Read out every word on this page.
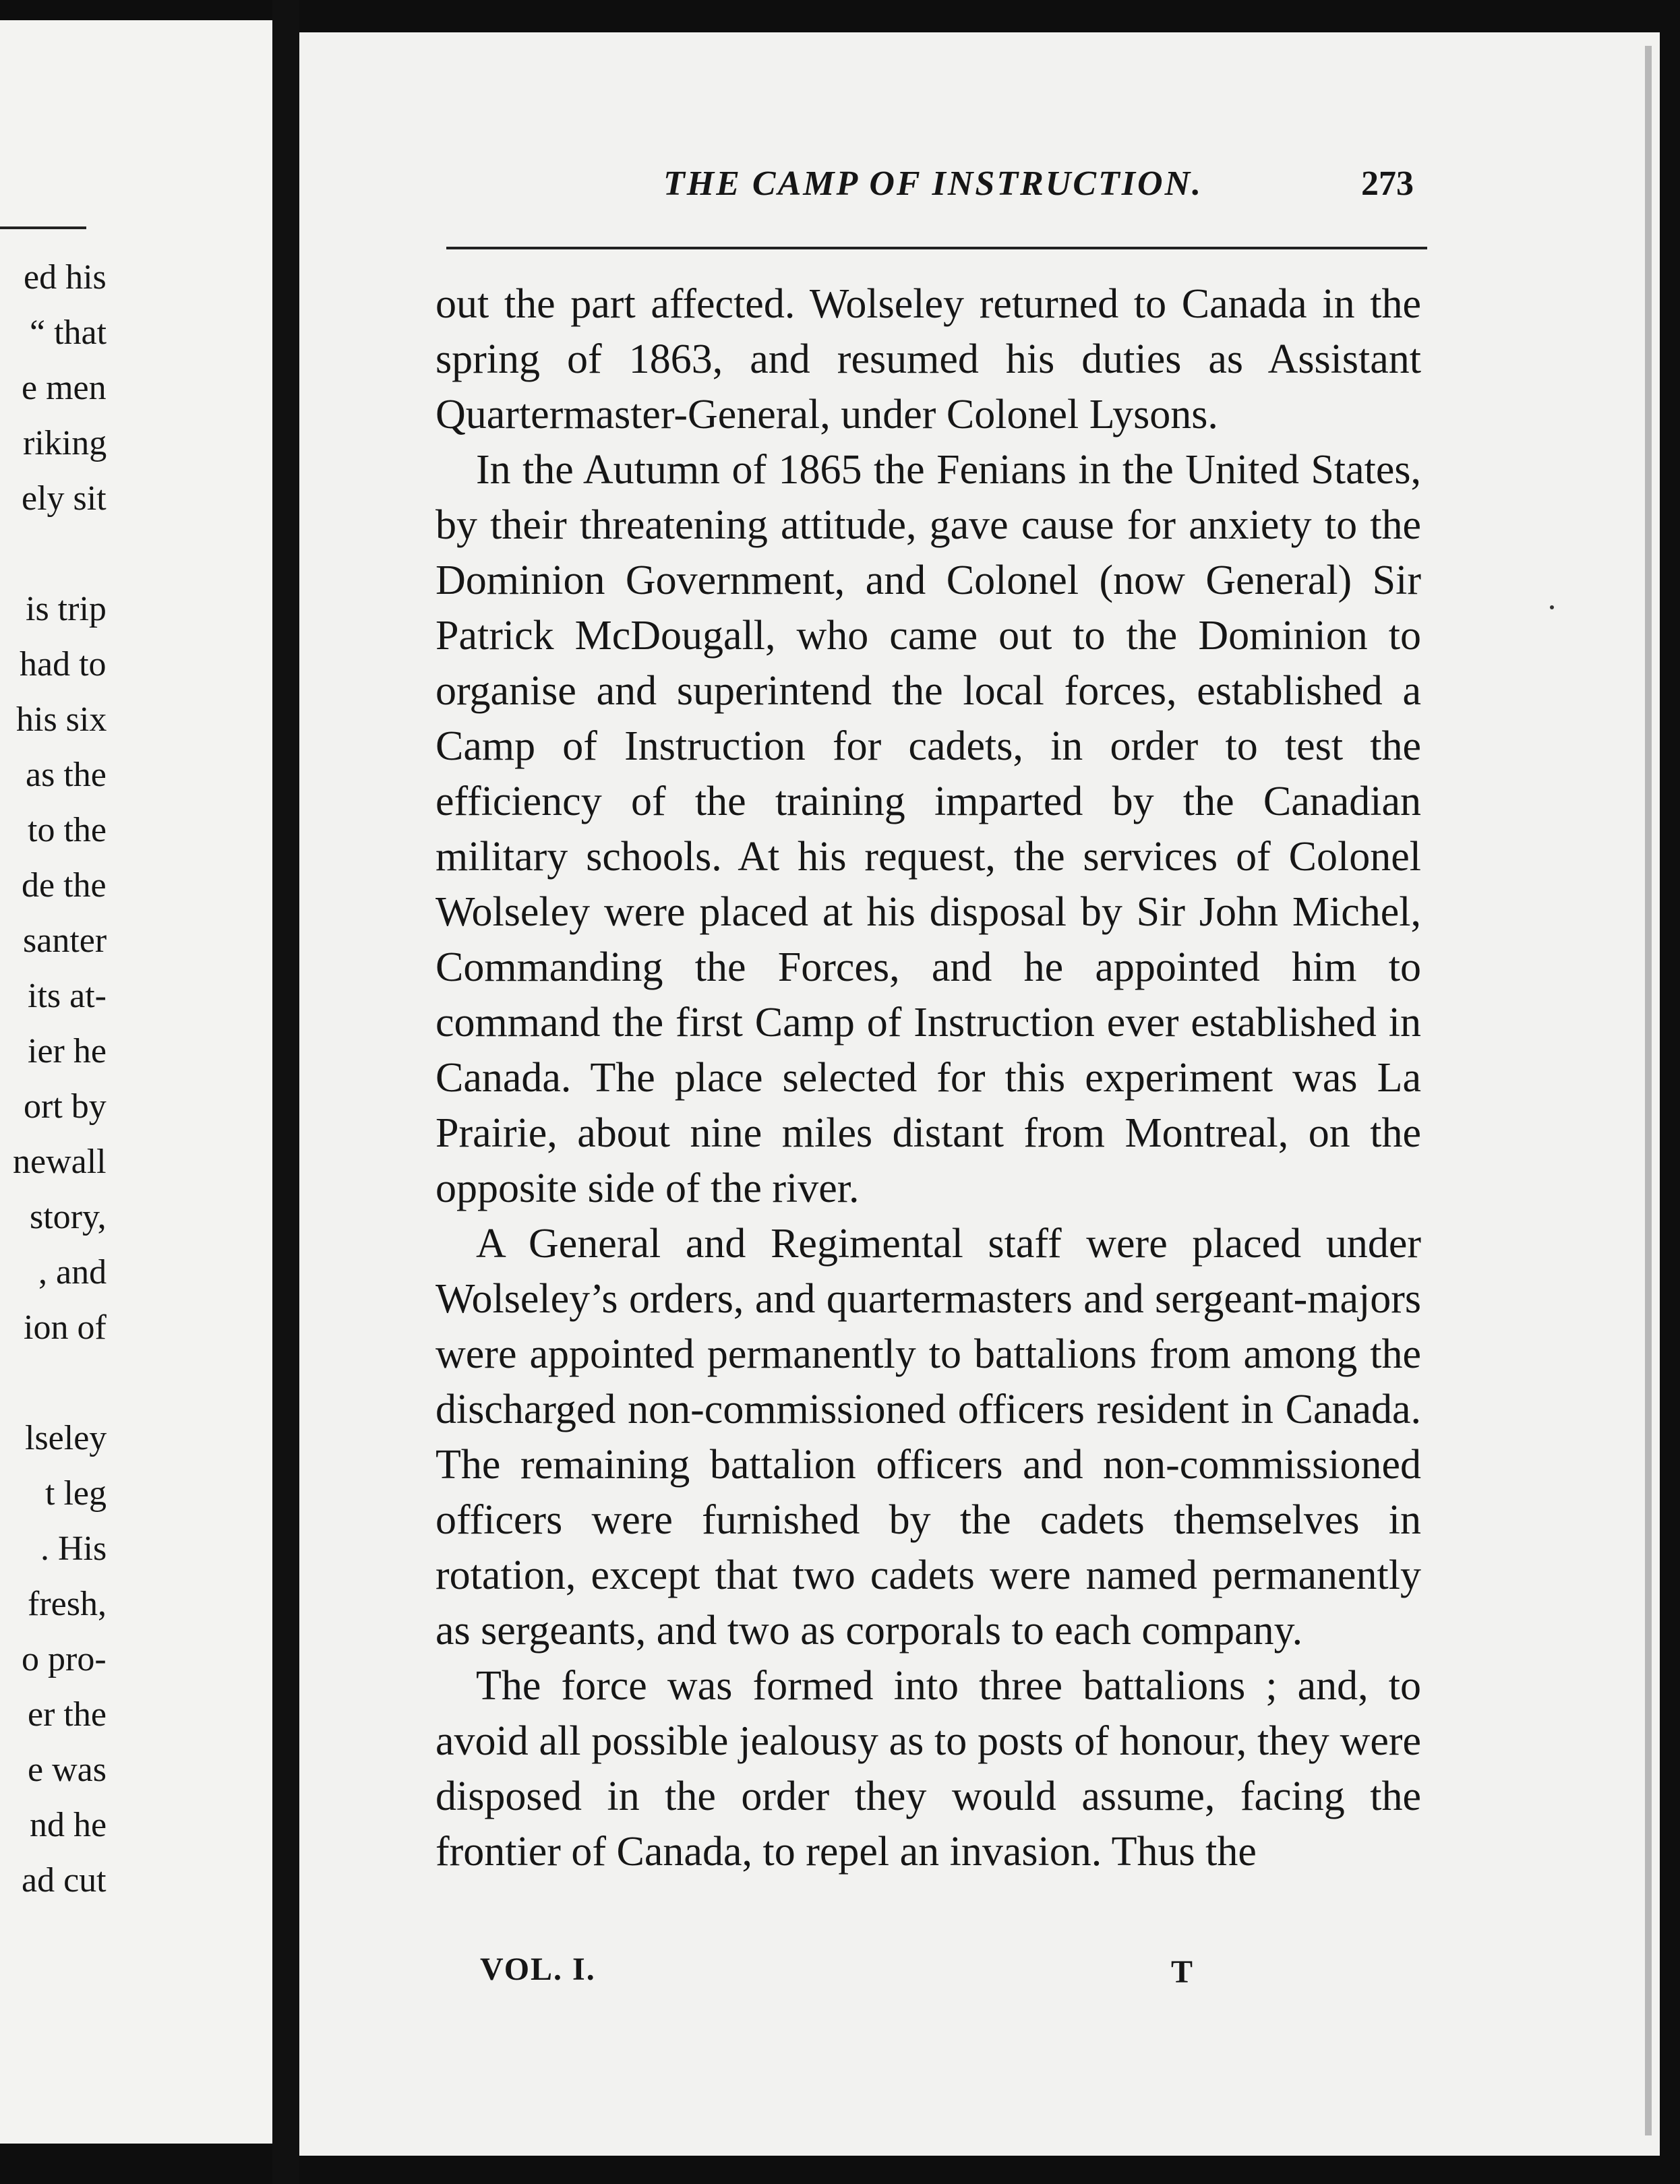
ed his
“ that
e men
riking
ely sit
is trip
had to
his six
as the
to the
de the
santer
its at-
ier he
ort by
newall
story,
, and
ion of
lseley
t leg
. His
fresh,
o pro-
er the
e was
nd he
ad cut
THE CAMP OF INSTRUCTION.	273

out the part affected. Wolseley returned to Canada in the spring of 1863, and resumed his duties as Assistant Quartermaster-General, under Colonel Lysons.

In the Autumn of 1865 the Fenians in the United States, by their threatening attitude, gave cause for anxiety to the Dominion Government, and Colonel (now General) Sir Patrick McDougall, who came out to the Dominion to organise and superintend the local forces, established a Camp of Instruction for cadets, in order to test the efficiency of the training imparted by the Canadian military schools. At his request, the services of Colonel Wolseley were placed at his disposal by Sir John Michel, Commanding the Forces, and he appointed him to command the first Camp of Instruction ever established in Canada. The place selected for this experiment was La Prairie, about nine miles distant from Montreal, on the opposite side of the river.

A General and Regimental staff were placed under Wolseley’s orders, and quartermasters and sergeant-majors were appointed permanently to battalions from among the discharged non-commissioned officers resident in Canada. The remaining battalion officers and non-commissioned officers were furnished by the cadets themselves in rotation, except that two cadets were named permanently as sergeants, and two as corporals to each company.

The force was formed into three battalions ; and, to avoid all possible jealousy as to posts of honour, they were disposed in the order they would assume, facing the frontier of Canada, to repel an invasion. Thus the

VOL. I.	T
